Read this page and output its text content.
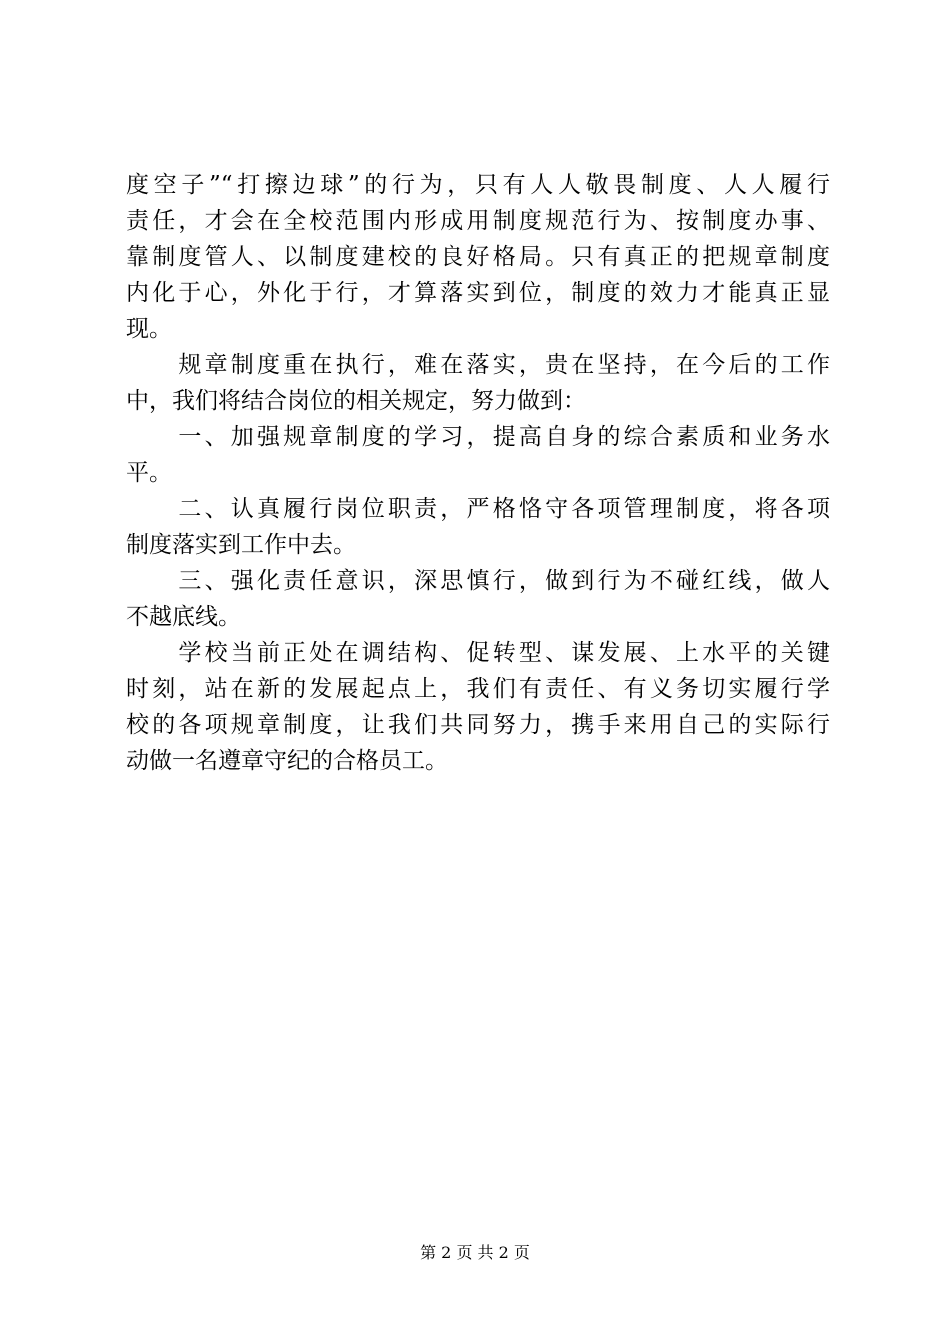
度空子”“打擦边球”的行为，只有人人敬畏制度、人人履行
责任，才会在全校范围内形成用制度规范行为、按制度办事、
靠制度管人、以制度建校的良好格局。只有真正的把规章制度
内化于心，外化于行，才算落实到位，制度的效力才能真正显
现。
　　规章制度重在执行，难在落实，贵在坚持，在今后的工作
中，我们将结合岗位的相关规定，努力做到：
　　一、加强规章制度的学习，提高自身的综合素质和业务水
平。
　　二、认真履行岗位职责，严格恪守各项管理制度，将各项
制度落实到工作中去。
　　三、强化责任意识，深思慎行，做到行为不碰红线，做人
不越底线。
　　学校当前正处在调结构、促转型、谋发展、上水平的关键
时刻，站在新的发展起点上，我们有责任、有义务切实履行学
校的各项规章制度，让我们共同努力，携手来用自己的实际行
动做一名遵章守纪的合格员工。
第 2 页 共 2 页
